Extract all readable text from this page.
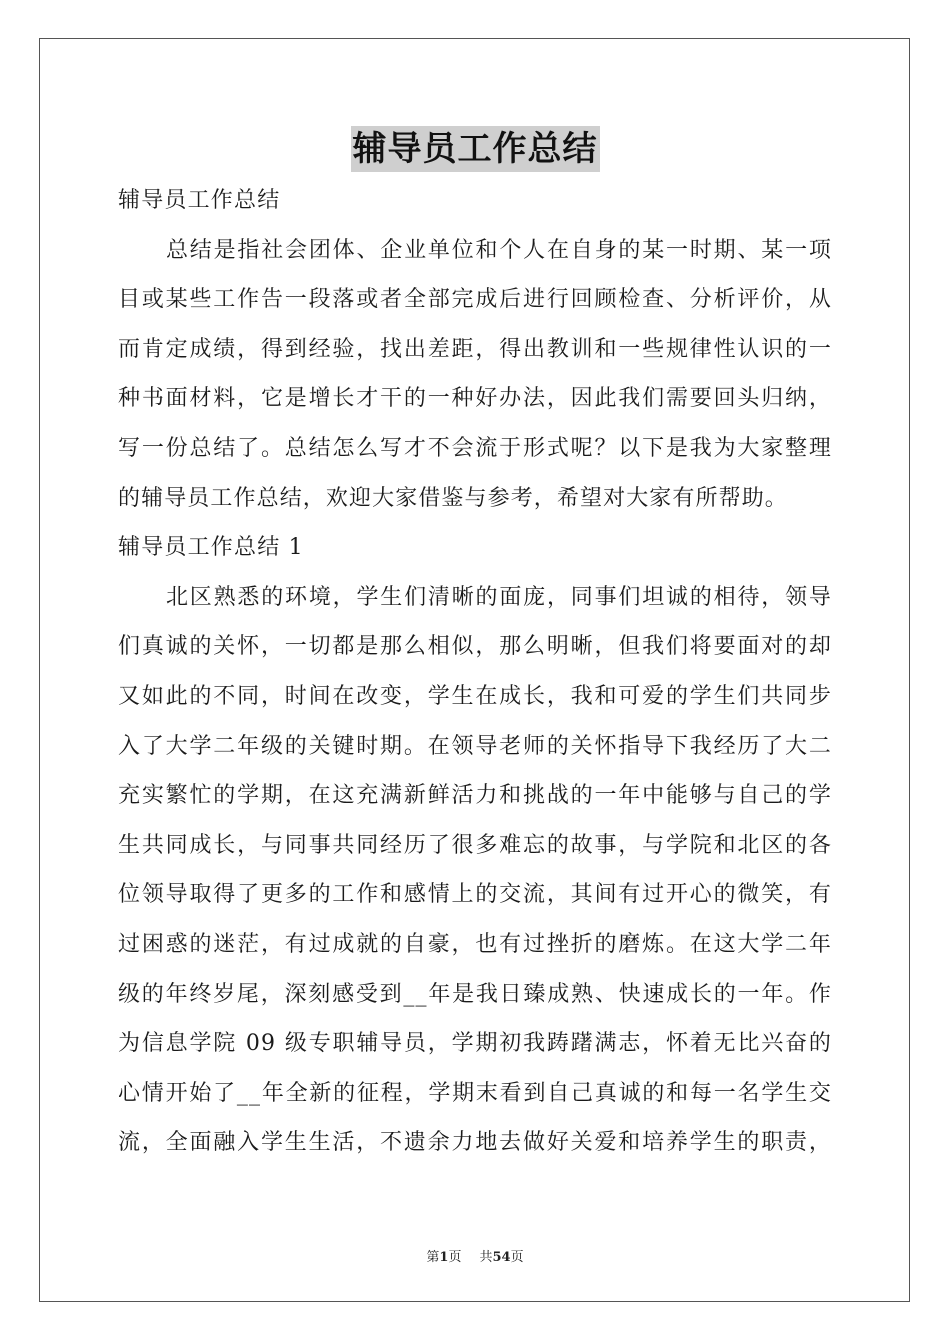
辅导员工作总结
辅导员工作总结
总结是指社会团体、企业单位和个人在自身的某一时期、某一项
目或某些工作告一段落或者全部完成后进行回顾检查、分析评价，从
而肯定成绩，得到经验，找出差距，得出教训和一些规律性认识的一
种书面材料，它是增长才干的一种好办法，因此我们需要回头归纳，
写一份总结了。总结怎么写才不会流于形式呢？以下是我为大家整理
的辅导员工作总结，欢迎大家借鉴与参考，希望对大家有所帮助。
辅导员工作总结 1
北区熟悉的环境，学生们清晰的面庞，同事们坦诚的相待，领导
们真诚的关怀，一切都是那么相似，那么明晰，但我们将要面对的却
又如此的不同，时间在改变，学生在成长，我和可爱的学生们共同步
入了大学二年级的关键时期。在领导老师的关怀指导下我经历了大二
充实繁忙的学期，在这充满新鲜活力和挑战的一年中能够与自己的学
生共同成长，与同事共同经历了很多难忘的故事，与学院和北区的各
位领导取得了更多的工作和感情上的交流，其间有过开心的微笑，有
过困惑的迷茫，有过成就的自豪，也有过挫折的磨炼。在这大学二年
级的年终岁尾，深刻感受到__年是我日臻成熟、快速成长的一年。作
为信息学院 09 级专职辅导员，学期初我踌躇满志，怀着无比兴奋的
心情开始了__年全新的征程，学期末看到自己真诚的和每一名学生交
流，全面融入学生生活，不遗余力地去做好关爱和培养学生的职责，
第1页 共54页
